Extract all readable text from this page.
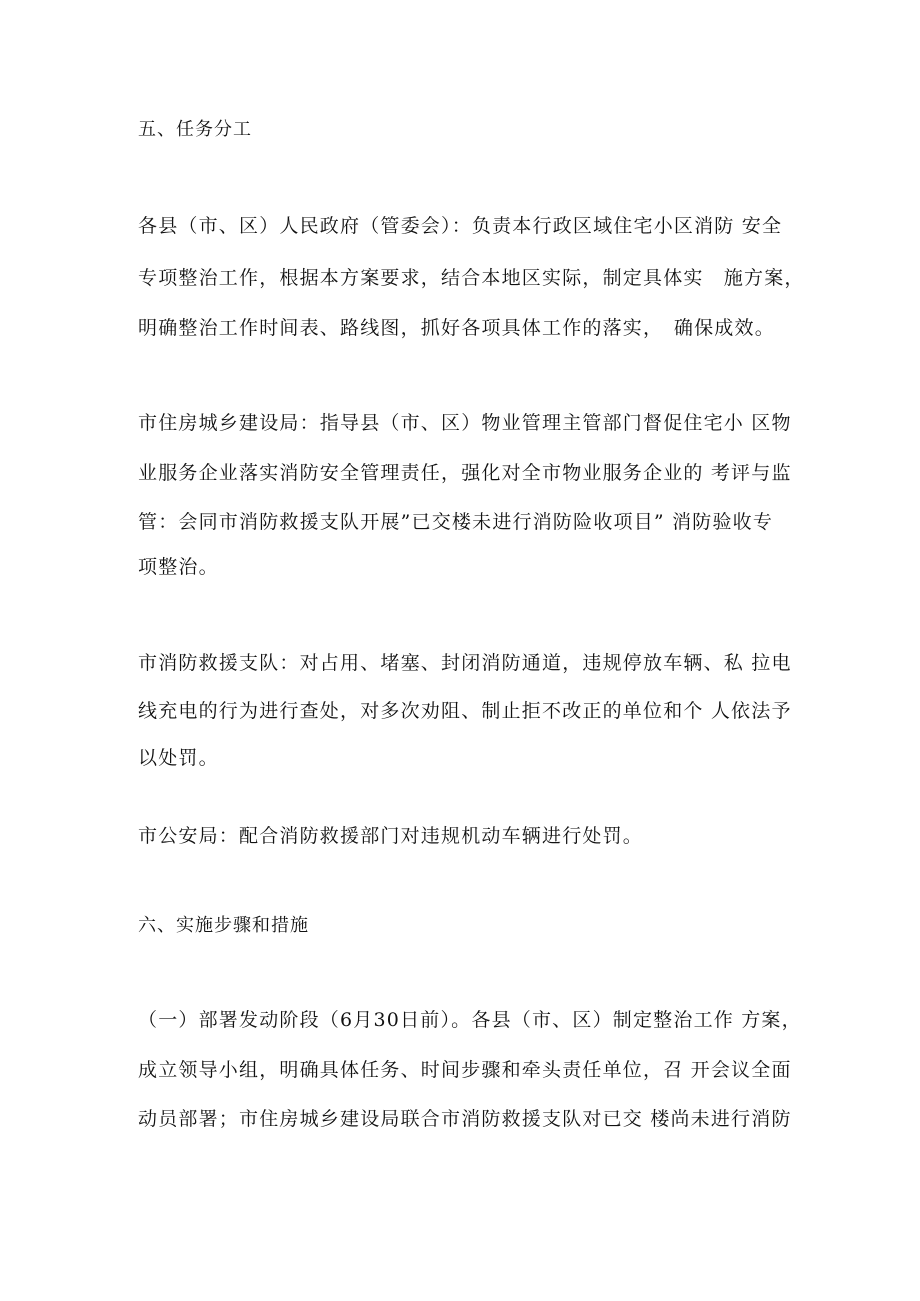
五、任务分工
各县（市、区）人民政府（管委会）：负责本行政区域住宅小区消防 安全
专项整治工作，根据本方案要求，结合本地区实际，制定具体实　施方案，
明确整治工作时间表、路线图，抓好各项具体工作的落实，　确保成效。
市住房城乡建设局：指导县（市、区）物业管理主管部门督促住宅小 区物
业服务企业落实消防安全管理责任，强化对全市物业服务企业的 考评与监
管：会同市消防救援支队开展”已交楼未进行消防险收项目” 消防验收专
项整治。
市消防救援支队：对占用、堵塞、封闭消防通道，违规停放车辆、私 拉电
线充电的行为进行查处，对多次劝阻、制止拒不改正的单位和个 人依法予
以处罚。
市公安局：配合消防救援部门对违规机动车辆进行处罚。
六、实施步骤和措施
（一）部署发动阶段（6月30日前）。各县（市、区）制定整治工作 方案，
成立领导小组，明确具体任务、时间步骤和牵头责任单位，召 开会议全面
动员部署；市住房城乡建设局联合市消防救援支队对已交 楼尚未进行消防
